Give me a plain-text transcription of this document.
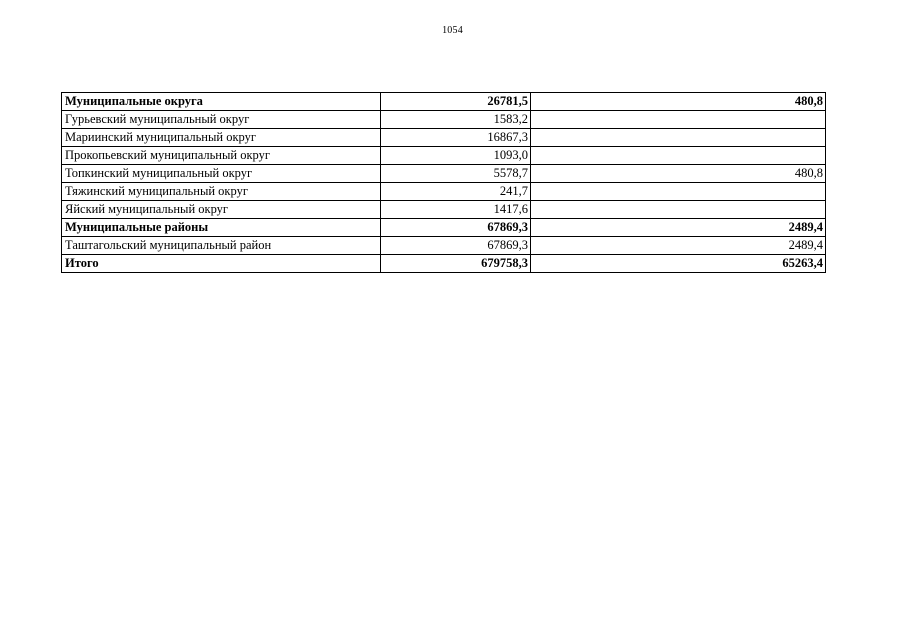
1054
Муниципальные округа	26781,5	480,8
Гурьевский муниципальный округ	1583,2	
Мариинский муниципальный округ	16867,3	
Прокопьевский муниципальный округ	1093,0	
Топкинский муниципальный округ	5578,7	480,8
Тяжинский муниципальный округ	241,7	
Яйский муниципальный округ	1417,6	
Муниципальные районы	67869,3	2489,4
Таштагольский муниципальный район	67869,3	2489,4
Итого	679758,3	65263,4
